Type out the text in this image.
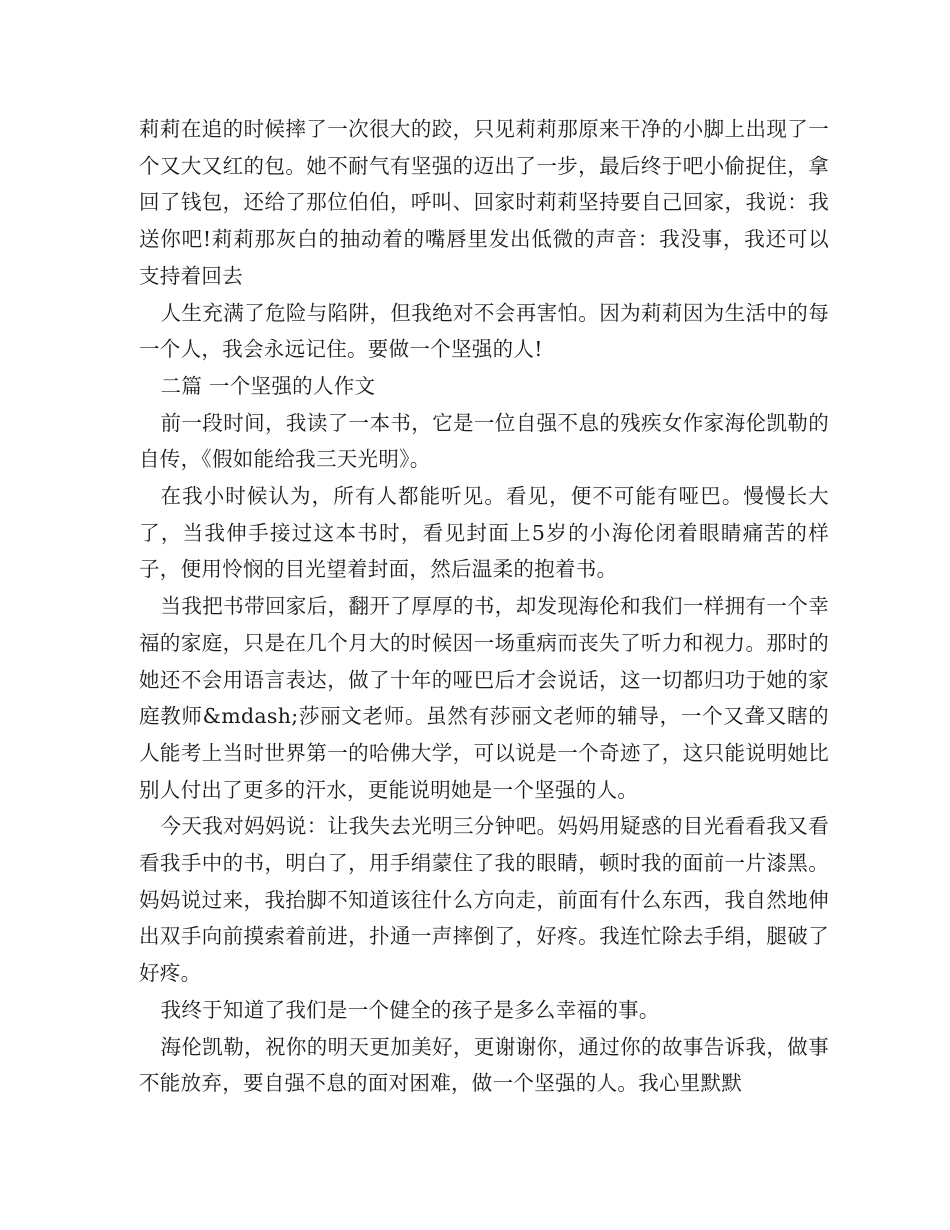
莉莉在追的时候摔了一次很大的跤，只见莉莉那原来干净的小脚上出现了一个又大又红的包。她不耐气有坚强的迈出了一步，最后终于吧小偷捉住，拿回了钱包，还给了那位伯伯，呼叫、回家时莉莉坚持要自己回家，我说：我送你吧!莉莉那灰白的抽动着的嘴唇里发出低微的声音：我没事，我还可以支持着回去

人生充满了危险与陷阱，但我绝对不会再害怕。因为莉莉因为生活中的每一个人，我会永远记住。要做一个坚强的人!

二篇 一个坚强的人作文

前一段时间，我读了一本书，它是一位自强不息的残疾女作家海伦凯勒的自传，《假如能给我三天光明》。

在我小时候认为，所有人都能听见。看见，便不可能有哑巴。慢慢长大了，当我伸手接过这本书时，看见封面上5岁的小海伦闭着眼睛痛苦的样子，便用怜悯的目光望着封面，然后温柔的抱着书。

当我把书带回家后，翻开了厚厚的书，却发现海伦和我们一样拥有一个幸福的家庭，只是在几个月大的时候因一场重病而丧失了听力和视力。那时的她还不会用语言表达，做了十年的哑巴后才会说话，这一切都归功于她的家庭教师&mdash;莎丽文老师。虽然有莎丽文老师的辅导，一个又聋又瞎的人能考上当时世界第一的哈佛大学，可以说是一个奇迹了，这只能说明她比别人付出了更多的汗水，更能说明她是一个坚强的人。

今天我对妈妈说：让我失去光明三分钟吧。妈妈用疑惑的目光看看我又看看我手中的书，明白了，用手绢蒙住了我的眼睛，顿时我的面前一片漆黑。妈妈说过来，我抬脚不知道该往什么方向走，前面有什么东西，我自然地伸出双手向前摸索着前进，扑通一声摔倒了，好疼。我连忙除去手绢，腿破了好疼。

我终于知道了我们是一个健全的孩子是多么幸福的事。

海伦凯勒，祝你的明天更加美好，更谢谢你，通过你的故事告诉我，做事不能放弃，要自强不息的面对困难，做一个坚强的人。我心里默默
